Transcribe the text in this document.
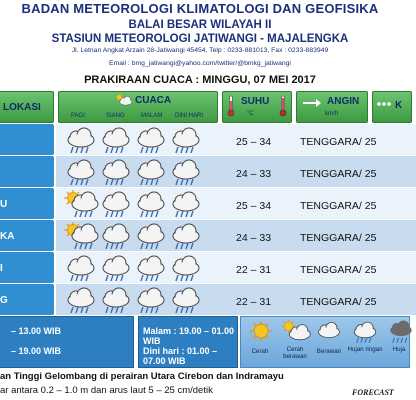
BADAN METEOROLOGI KLIMATOLOGI DAN GEOFISIKA
BALAI BESAR WILAYAH II
STASIUN METEOROLOGI JATIWANGI - MAJALENGKA
Jl. Letnan Angkat Arzain 28-Jatiwangi 45454, Telp : 0233-881013, Fax : 0233-883949
Email : bmg_jatiwangi@yahoo.com/twitter/@bmkg_jatiwangi
PRAKIRAAN CUACA : MINGGU, 07 MEI 2017
LOKASI
CUACA
PAGI	SIANG	MALAM DINI HARI
SUHU
°C
ANGIN
km/h
K
25 – 34	TENGGARA/ 25
24 – 33	TENGGARA/ 25
U	25 – 34	TENGGARA/ 25
KA	24 – 33	TENGGARA/ 25
I	22 – 31	TENGGARA/ 25
G	22 – 31	TENGGARA/ 25
– 13.00 WIB
– 19.00 WIB
Malam : 19.00 – 01.00 WIB
Dini hari : 01.00 – 07.00 WIB
Cerah	Cerah berawan
Berawan	Hujan ringan	Huja
an Tinggi Gelombang di perairan Utara Cirebon dan Indramayu
ar antara 0.2 – 1.0 m dan arus laut 5 – 25 cm/detik	FORECAST
